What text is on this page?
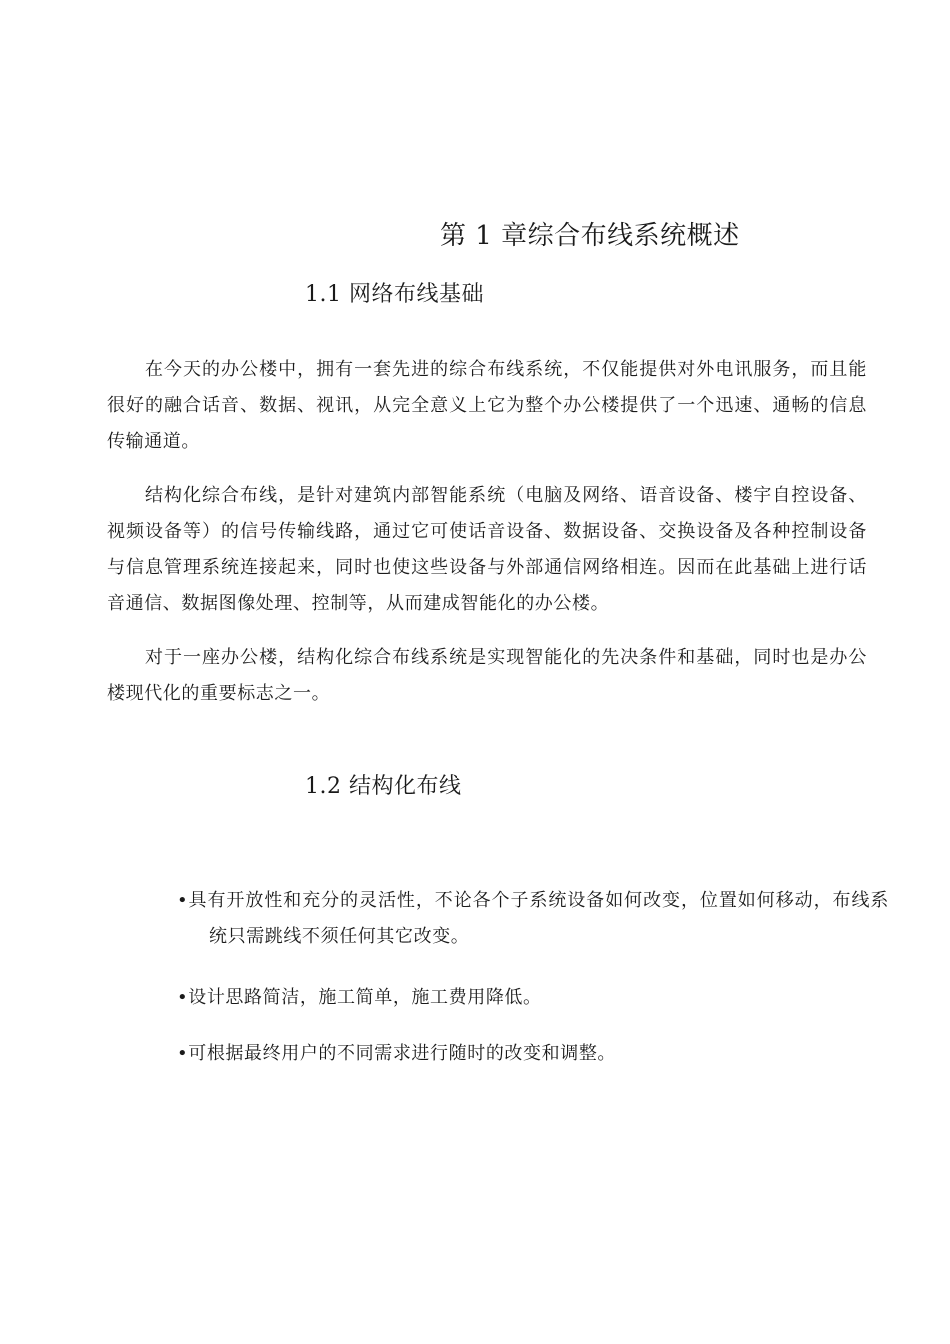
第 1 章综合布线系统概述
1.1 网络布线基础

在今天的办公楼中，拥有一套先进的综合布线系统，不仅能提供对外电讯服务，而且能很好的融合话音、数据、视讯，从完全意义上它为整个办公楼提供了一个迅速、通畅的信息传输通道。

结构化综合布线，是针对建筑内部智能系统（电脑及网络、语音设备、楼宇自控设备、视频设备等）的信号传输线路，通过它可使话音设备、数据设备、交换设备及各种控制设备与信息管理系统连接起来，同时也使这些设备与外部通信网络相连。因而在此基础上进行话音通信、数据图像处理、控制等，从而建成智能化的办公楼。

对于一座办公楼，结构化综合布线系统是实现智能化的先决条件和基础，同时也是办公楼现代化的重要标志之一。

1.2 结构化布线
•具有开放性和充分的灵活性，不论各个子系统设备如何改变，位置如何移动，布线系统只需跳线不须任何其它改变。
•设计思路简洁，施工简单，施工费用降低。
•可根据最终用户的不同需求进行随时的改变和调整。
